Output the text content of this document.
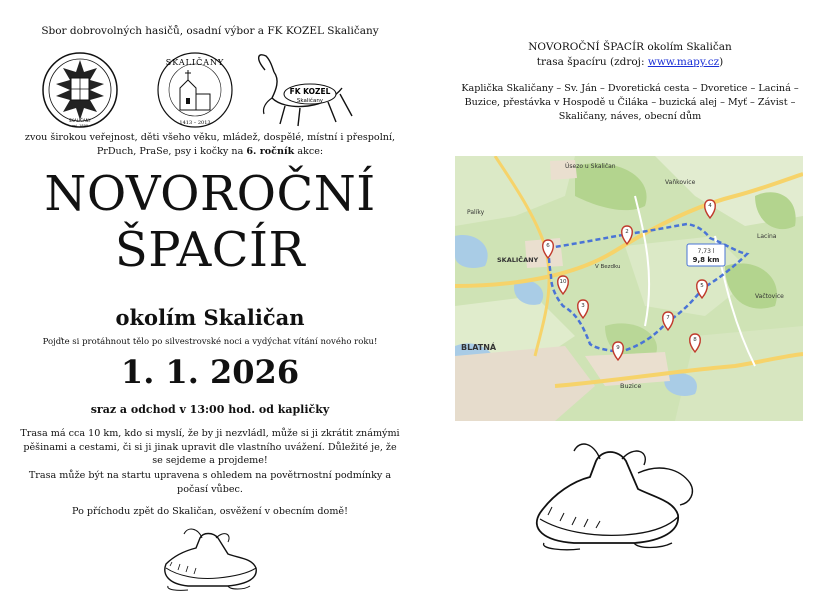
Sbor dobrovolných hasičů, osadní výbor a FK KOZEL Skaličany
SKALIČANY
zal. 1899
SKALIČANY
1413 – 2013
FK KOZEL
Skaličany
zvou širokou veřejnost, děti všeho věku, mládež, dospělé, místní i přespolní, PrDuch, PraSe, psy i kočky na 6. ročník akce:
NOVOROČNÍ
ŠPACÍR
okolím Skaličan
Pojďte si protáhnout tělo po silvestrovské noci a vydýchat vítání nového roku!
1. 1. 2026
sraz a odchod v 13:00 hod. od kapličky
Trasa má cca 10 km, kdo si myslí, že by ji nezvládl, může si ji zkrátit známými pěšinami a cestami, či si ji jinak upravit dle vlastního uvážení. Důležité je, že se sejdeme a projdeme!
Trasa může být na startu upravena s ohledem na povětrnostní podmínky a počasí vůbec.
Po příchodu zpět do Skaličan, osvěžení v obecním domě!
NOVOROČNÍ ŠPACÍR okolím Skaličan
trasa špacíru (zdroj: www.mapy.cz)
Kaplička Skaličany – Sv. Ján – Dvoretická cesta – Dvoretice – Laciná – Buzice, přestávka v Hospodě u Čiláka – buzická alej – Myť – Závist – Skaličany, náves, obecní dům
7,73 l
9,8 km
Úsezo u Skaličan
Vaňkovice
Palíky
SKALIČANY
V Bezdku
Lacina
Vačtovice
BLATNÁ
Buzice
2
3
4
5
6
7
8
9
10
